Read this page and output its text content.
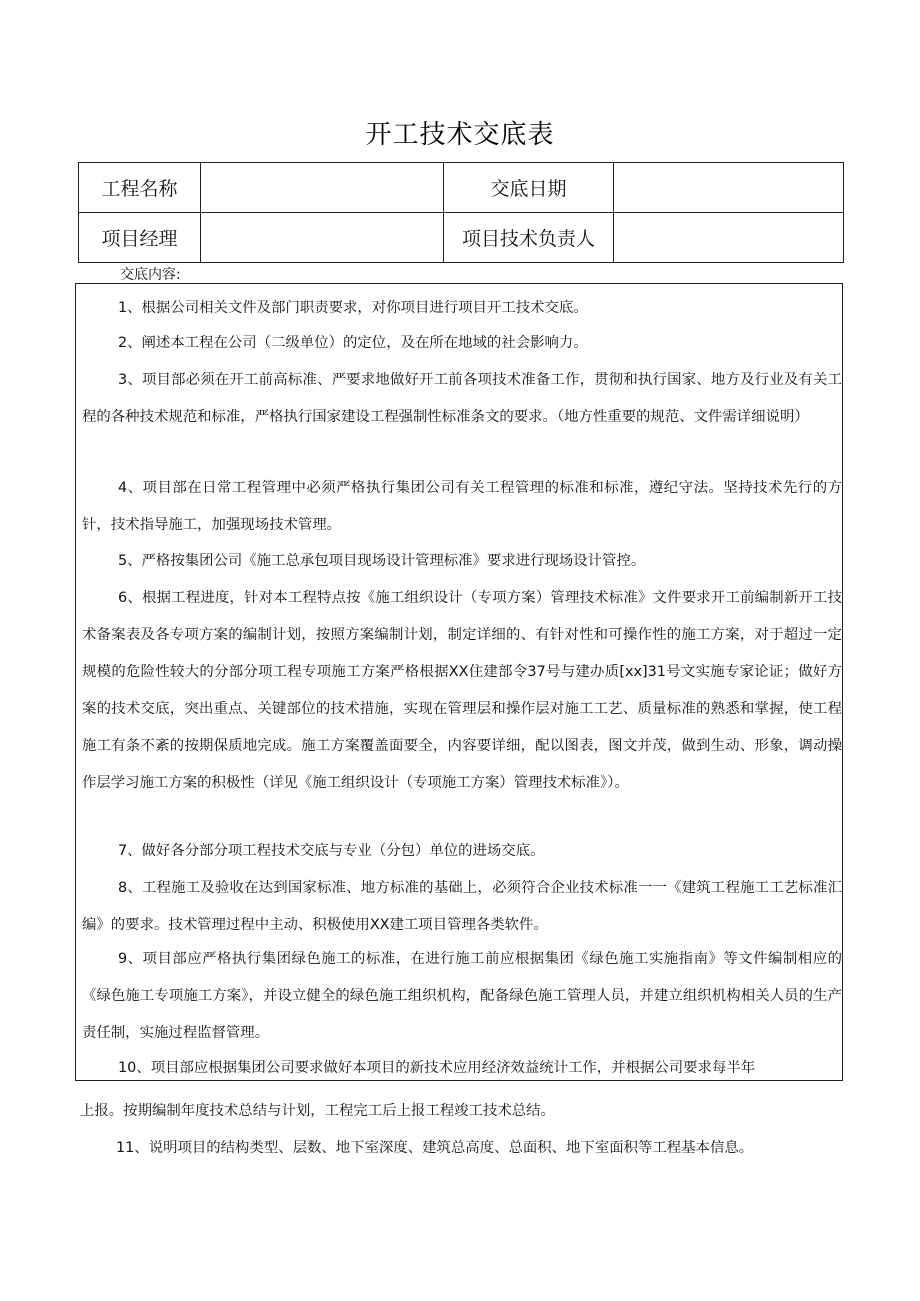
开工技术交底表
工程名称		交底日期	
项目经理		项目技术负责人	
交底内容:

1、根据公司相关文件及部门职责要求，对你项目进行项目开工技术交底。

2、阐述本工程在公司（二级单位）的定位，及在所在地域的社会影响力。

3、项目部必须在开工前高标准、严要求地做好开工前各项技术准备工作，贯彻和执行国家、地方及行业及有关工程的各种技术规范和标准，严格执行国家建设工程强制性标准条文的要求。（地方性重要的规范、文件需详细说明）

4、项目部在日常工程管理中必须严格执行集团公司有关工程管理的标准和标准，遵纪守法。坚持技术先行的方针，技术指导施工，加强现场技术管理。

5、严格按集团公司《施工总承包项目现场设计管理标准》要求进行现场设计管控。

6、根据工程进度，针对本工程特点按《施工组织设计（专项方案）管理技术标准》文件要求开工前编制新开工技术备案表及各专项方案的编制计划，按照方案编制计划，制定详细的、有针对性和可操作性的施工方案，对于超过一定规模的危险性较大的分部分项工程专项施工方案严格根据XX住建部令37号与建办质[xx]31号文实施专家论证；做好方案的技术交底，突出重点、关键部位的技术措施，实现在管理层和操作层对施工工艺、质量标准的熟悉和掌握，使工程施工有条不紊的按期保质地完成。施工方案覆盖面要全，内容要详细，配以图表，图文并茂，做到生动、形象，调动操作层学习施工方案的积极性（详见《施工组织设计（专项施工方案）管理技术标准》）。

7、做好各分部分项工程技术交底与专业（分包）单位的进场交底。

8、工程施工及验收在达到国家标准、地方标准的基础上，必须符合企业技术标准一一《建筑工程施工工艺标准汇编》的要求。技术管理过程中主动、积极使用XX建工项目管理各类软件。

9、项目部应严格执行集团绿色施工的标准，在进行施工前应根据集团《绿色施工实施指南》等文件编制相应的《绿色施工专项施工方案》，并设立健全的绿色施工组织机构，配备绿色施工管理人员，并建立组织机构相关人员的生产责任制，实施过程监督管理。

10、项目部应根据集团公司要求做好本项目的新技术应用经济效益统计工作，并根据公司要求每半年

上报。按期编制年度技术总结与计划，工程完工后上报工程竣工技术总结。

11、说明项目的结构类型、层数、地下室深度、建筑总高度、总面积、地下室面积等工程基本信息。
